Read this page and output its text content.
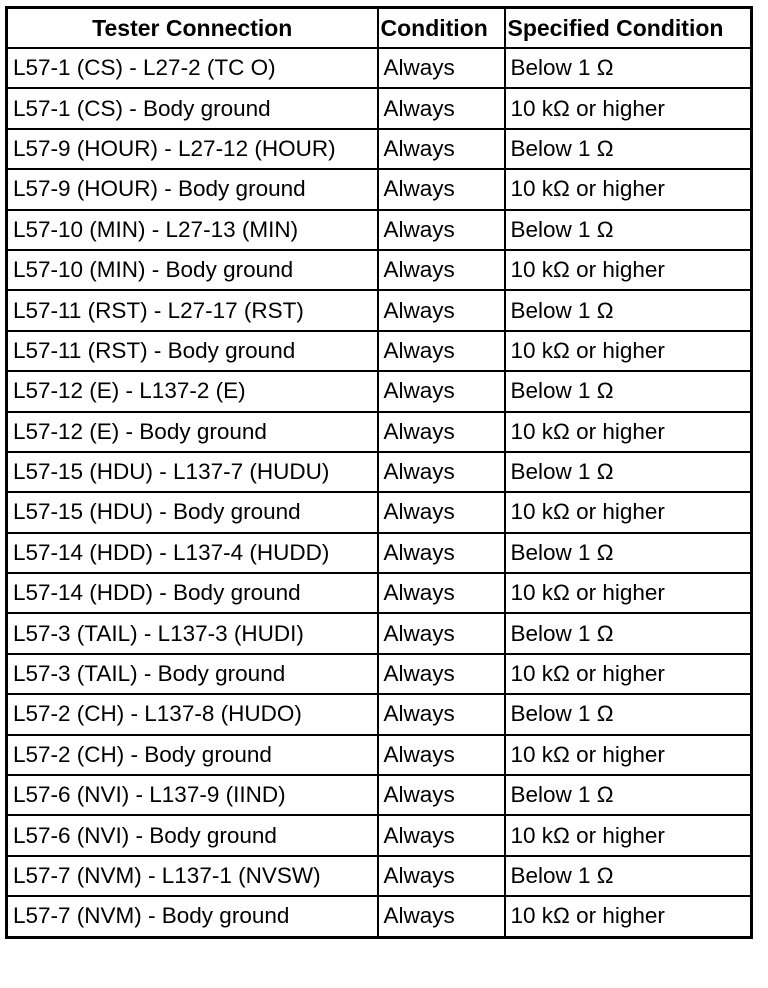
Tester Connection	Condition	Specified Condition
L57-1 (CS) - L27-2 (TC O)	Always	Below 1 Ω
L57-1 (CS) - Body ground	Always	10 kΩ or higher
L57-9 (HOUR) - L27-12 (HOUR)	Always	Below 1 Ω
L57-9 (HOUR) - Body ground	Always	10 kΩ or higher
L57-10 (MIN) - L27-13 (MIN)	Always	Below 1 Ω
L57-10 (MIN) - Body ground	Always	10 kΩ or higher
L57-11 (RST) - L27-17 (RST)	Always	Below 1 Ω
L57-11 (RST) - Body ground	Always	10 kΩ or higher
L57-12 (E) - L137-2 (E)	Always	Below 1 Ω
L57-12 (E) - Body ground	Always	10 kΩ or higher
L57-15 (HDU) - L137-7 (HUDU)	Always	Below 1 Ω
L57-15 (HDU) - Body ground	Always	10 kΩ or higher
L57-14 (HDD) - L137-4 (HUDD)	Always	Below 1 Ω
L57-14 (HDD) - Body ground	Always	10 kΩ or higher
L57-3 (TAIL) - L137-3 (HUDI)	Always	Below 1 Ω
L57-3 (TAIL) - Body ground	Always	10 kΩ or higher
L57-2 (CH) - L137-8 (HUDO)	Always	Below 1 Ω
L57-2 (CH) - Body ground	Always	10 kΩ or higher
L57-6 (NVI) - L137-9 (IIND)	Always	Below 1 Ω
L57-6 (NVI) - Body ground	Always	10 kΩ or higher
L57-7 (NVM) - L137-1 (NVSW)	Always	Below 1 Ω
L57-7 (NVM) - Body ground	Always	10 kΩ or higher
